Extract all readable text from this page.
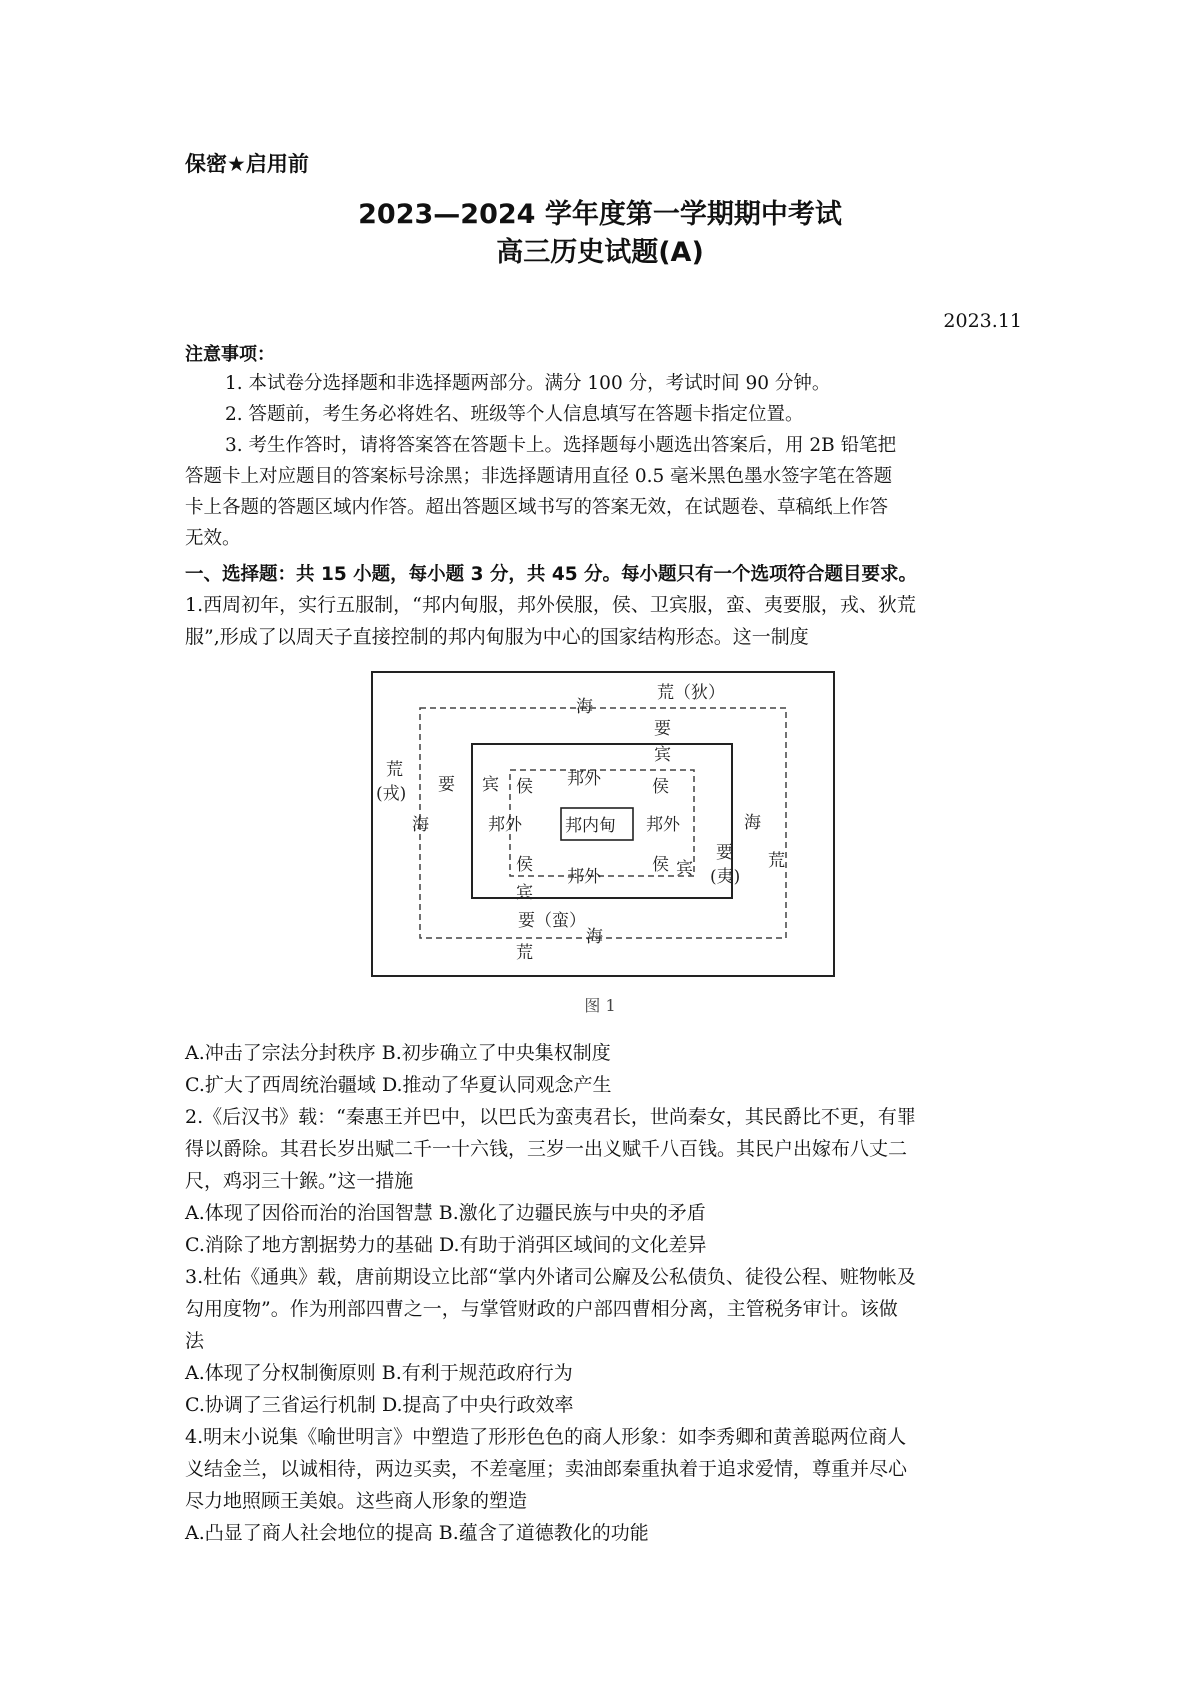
保密★启用前
2023—2024 学年度第一学期期中考试
高三历史试题(A)
2023.11
注意事项：
1. 本试卷分选择题和非选择题两部分。满分 100 分，考试时间 90 分钟。
2. 答题前，考生务必将姓名、班级等个人信息填写在答题卡指定位置。
3. 考生作答时，请将答案答在答题卡上。选择题每小题选出答案后，用 2B 铅笔把
答题卡上对应题目的答案标号涂黑；非选择题请用直径 0.5 毫米黑色墨水签字笔在答题
卡上各题的答题区域内作答。超出答题区域书写的答案无效，在试题卷、草稿纸上作答
无效。
一、选择题：共 15 小题，每小题 3 分，共 45 分。每小题只有一个选项符合题目要求。
1.西周初年，实行五服制，“邦内甸服，邦外侯服，侯、卫宾服，蛮、夷要服，戎、狄荒
服”,形成了以周天子直接控制的邦内甸服为中心的国家结构形态。这一制度
荒（狄）
海
要
宾
荒
(戎) 要 宾 侯 邦外	侯
海	邦外	邦内甸 邦外	海
要
(夷)
荒
侯	侯 宾
邦外
宾
要（蛮）
海
荒
图 1
A.冲击了宗法分封秩序 B.初步确立了中央集权制度
C.扩大了西周统治疆域 D.推动了华夏认同观念产生
2.《后汉书》载：“秦惠王并巴中，以巴氏为蛮夷君长，世尚秦女，其民爵比不更，有罪
得以爵除。其君长岁出赋二千一十六钱，三岁一出义赋千八百钱。其民户出嫁布八丈二
尺，鸡羽三十鍭。”这一措施
A.体现了因俗而治的治国智慧 B.激化了边疆民族与中央的矛盾
C.消除了地方割据势力的基础 D.有助于消弭区域间的文化差异
3.杜佑《通典》载，唐前期设立比部“掌内外诸司公廨及公私债负、徒役公程、赃物帐及
勾用度物”。作为刑部四曹之一，与掌管财政的户部四曹相分离，主管税务审计。该做
法
A.体现了分权制衡原则 B.有利于规范政府行为
C.协调了三省运行机制 D.提高了中央行政效率
4.明末小说集《喻世明言》中塑造了形形色色的商人形象：如李秀卿和黄善聪两位商人
义结金兰，以诚相待，两边买卖，不差毫厘；卖油郎秦重执着于追求爱情，尊重并尽心
尽力地照顾王美娘。这些商人形象的塑造
A.凸显了商人社会地位的提高 B.蕴含了道德教化的功能
